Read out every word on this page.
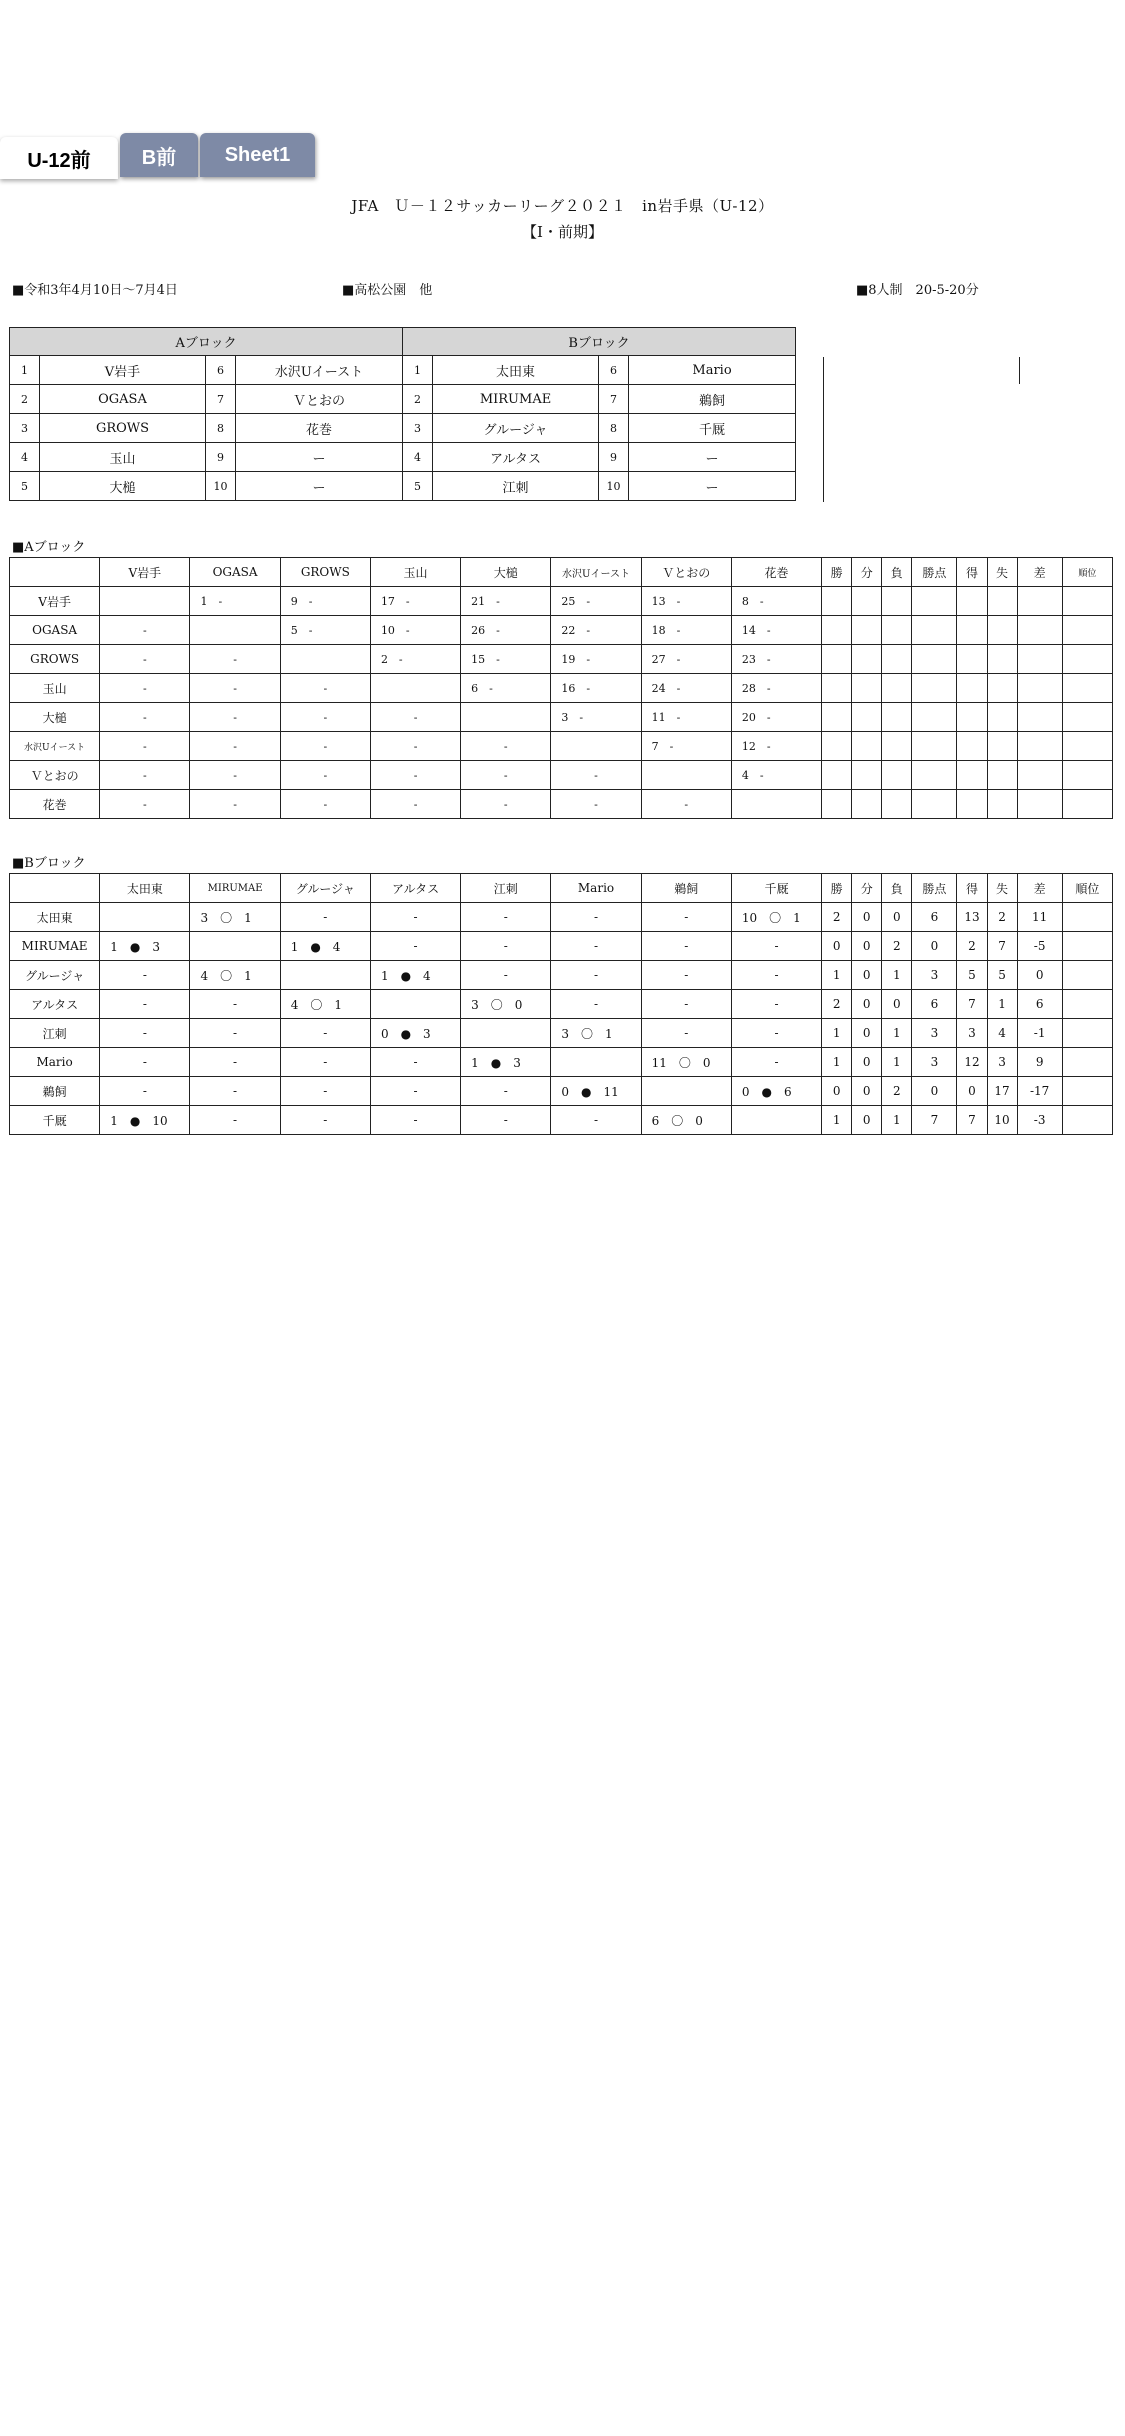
U-12前	B前	Sheet1
JFA　Ｕ－１２サッカーリーグ２０２１　in岩手県（U-12）
【Ⅰ・前期】
■令和3年4月10日〜7月4日	■高松公園　他	■8人制　20-5-20分
Aブロック				Bブロック			
1	V岩手	6	水沢Uイースト	1	太田東	6	Mario
2	OGASA	7	Ｖとおの	2	MIRUMAE	7	鵜飼
3	GROWS	8	花巻	3	グルージャ	8	千厩
4	玉山	9	ー	4	アルタス	9	ー
5	大槌	10	ー	5	江刺	10	ー
■Aブロック
	V岩手	OGASA	GROWS	玉山	大槌	水沢Uイースト	Ｖとおの	花巻	勝	分	負	勝点	得	失	差	順位
V岩手		1　-	9　-	17　-	21　-	25　-	13　-	8　-								
OGASA	-		5　-	10　-	26　-	22　-	18　-	14　-								
GROWS	-	-		2　-	15　-	19　-	27　-	23　-								
玉山	-	-	-		6　-	16　-	24　-	28　-								
大槌	-	-	-	-		3　-	11　-	20　-								
水沢Uイースト	-	-	-	-	-		7　-	12　-								
Ｖとおの	-	-	-	-	-	-		4　-								
花巻	-	-	-	-	-	-	-									
■Bブロック
	太田東	MIRUMAE	グルージャ	アルタス	江刺	Mario	鵜飼	千厩	勝	分	負	勝点	得	失	差	順位
太田東		3　〇　1	-	-	-	-	-	10　〇　1	2	0	0	6	13	2	11	
MIRUMAE	1　●　3		1　●　4	-	-	-	-	-	0	0	2	0	2	7	-5	
グルージャ	-	4　〇　1		1　●　4	-	-	-	-	1	0	1	3	5	5	0	
アルタス	-	-	4　〇　1		3　〇　0	-	-	-	2	0	0	6	7	1	6	
江刺	-	-	-	0　●　3		3　〇　1	-	-	1	0	1	3	3	4	-1	
Mario	-	-	-	-	1　●　3		11　〇　0	-	1	0	1	3	12	3	9	
鵜飼	-	-	-	-	-	0　●　11		0　●　6	0	0	2	0	0	17	-17	
千厩	1　●　10	-	-	-	-	-	6　〇　0		1	0	1	7	7	10	-3	
